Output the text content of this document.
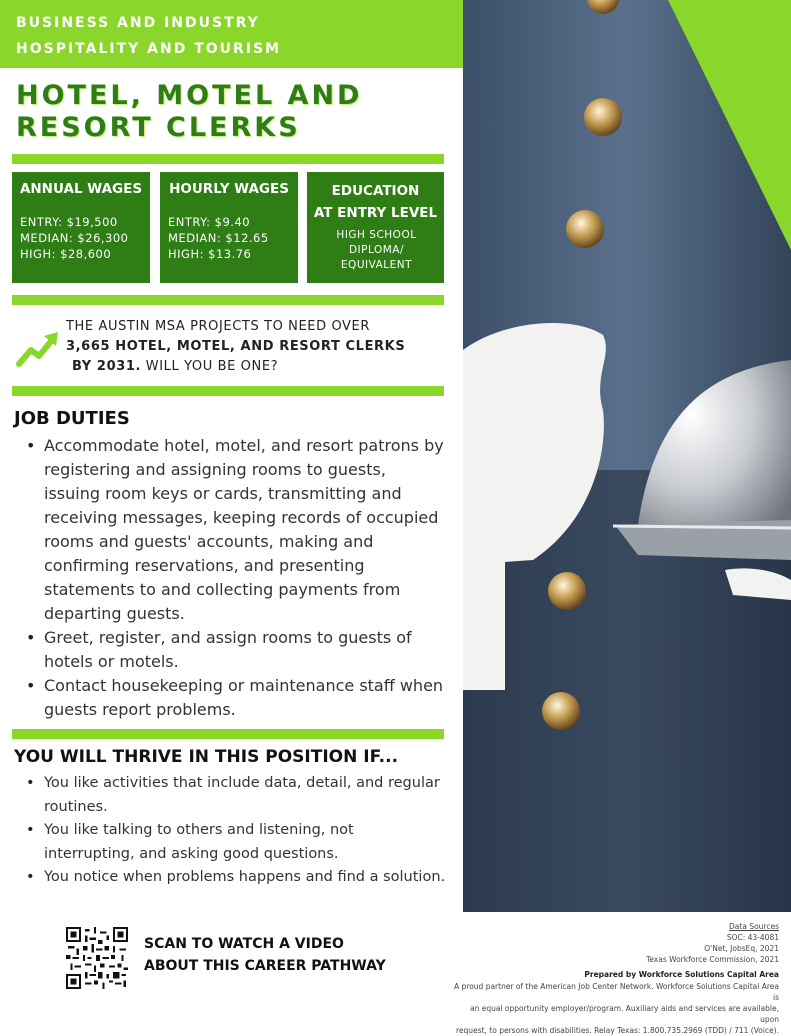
BUSINESS AND INDUSTRY
HOSPITALITY AND TOURISM
HOTEL, MOTEL AND
RESORT CLERKS
ANNUAL WAGES
ENTRY: $19,500
MEDIAN: $26,300
HIGH: $28,600
HOURLY WAGES
ENTRY: $9.40
MEDIAN: $12.65
HIGH: $13.76
EDUCATION
AT ENTRY LEVEL
HIGH SCHOOL
DIPLOMA/
EQUIVALENT
THE AUSTIN MSA PROJECTS TO NEED OVER
3,665 HOTEL, MOTEL, AND RESORT CLERKS
BY 2031. WILL YOU BE ONE?
JOB DUTIES
• Accommodate hotel, motel, and resort patrons by registering and assigning rooms to guests, issuing room keys or cards, transmitting and receiving messages, keeping records of occupied rooms and guests' accounts, making and confirming reservations, and presenting statements to and collecting payments from departing guests.
• Greet, register, and assign rooms to guests of hotels or motels.
• Contact housekeeping or maintenance staff when guests report problems.
YOU WILL THRIVE IN THIS POSITION IF...
• You like activities that include data, detail, and regular routines.
• You like talking to others and listening, not interrupting, and asking good questions.
• You notice when problems happens and find a solution.
SCAN TO WATCH A VIDEO
ABOUT THIS CAREER PATHWAY
Data Sources
SOC: 43-4081
O'Net, JobsEq, 2021
Texas Workforce Commission, 2021
Prepared by Workforce Solutions Capital Area
A proud partner of the American Job Center Network. Workforce Solutions Capital Area is
an equal opportunity employer/program. Auxiliary aids and services are available, upon
request, to persons with disabilities. Relay Texas: 1.800.735.2969 (TDD) / 711 (Voice).
